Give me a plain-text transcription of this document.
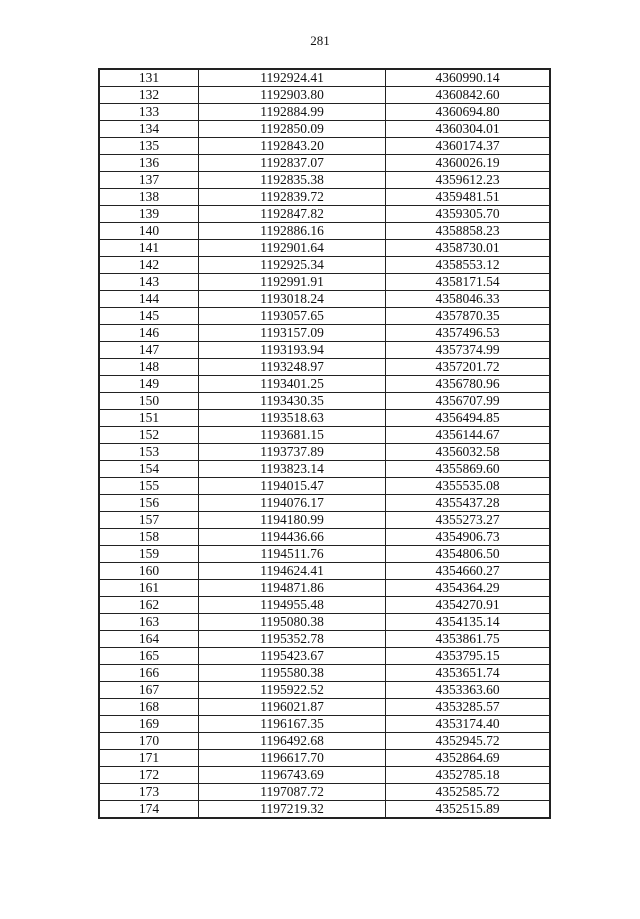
281
131	1192924.41	4360990.14
132	1192903.80	4360842.60
133	1192884.99	4360694.80
134	1192850.09	4360304.01
135	1192843.20	4360174.37
136	1192837.07	4360026.19
137	1192835.38	4359612.23
138	1192839.72	4359481.51
139	1192847.82	4359305.70
140	1192886.16	4358858.23
141	1192901.64	4358730.01
142	1192925.34	4358553.12
143	1192991.91	4358171.54
144	1193018.24	4358046.33
145	1193057.65	4357870.35
146	1193157.09	4357496.53
147	1193193.94	4357374.99
148	1193248.97	4357201.72
149	1193401.25	4356780.96
150	1193430.35	4356707.99
151	1193518.63	4356494.85
152	1193681.15	4356144.67
153	1193737.89	4356032.58
154	1193823.14	4355869.60
155	1194015.47	4355535.08
156	1194076.17	4355437.28
157	1194180.99	4355273.27
158	1194436.66	4354906.73
159	1194511.76	4354806.50
160	1194624.41	4354660.27
161	1194871.86	4354364.29
162	1194955.48	4354270.91
163	1195080.38	4354135.14
164	1195352.78	4353861.75
165	1195423.67	4353795.15
166	1195580.38	4353651.74
167	1195922.52	4353363.60
168	1196021.87	4353285.57
169	1196167.35	4353174.40
170	1196492.68	4352945.72
171	1196617.70	4352864.69
172	1196743.69	4352785.18
173	1197087.72	4352585.72
174	1197219.32	4352515.89
